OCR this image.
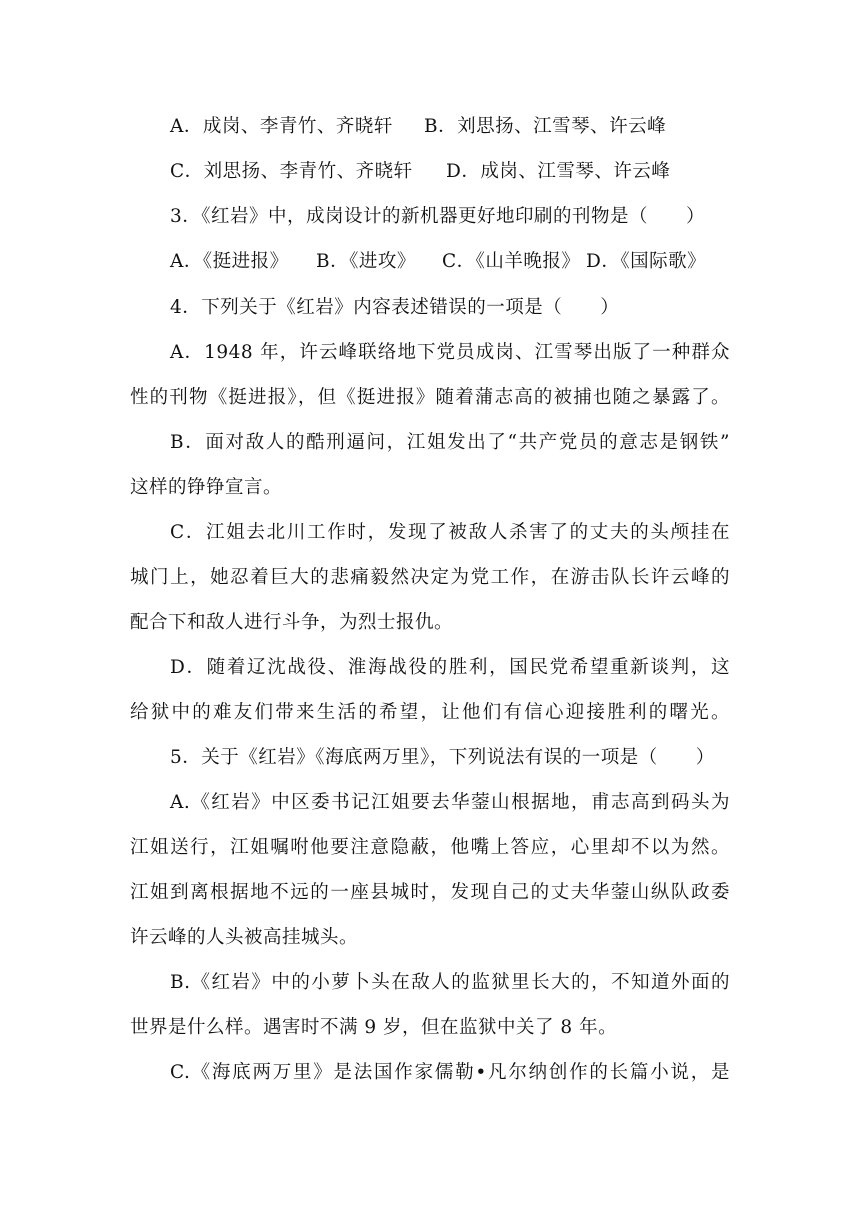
A．成岗、李青竹、齐晓轩	B．刘思扬、江雪琴、许云峰
C．刘思扬、李青竹、齐晓轩	D．成岗、江雪琴、许云峰
3．《红岩》中，成岗设计的新机器更好地印刷的刊物是（　　）
A．《挺进报》	B．《进攻》	C．《山羊晚报》 D．《国际歌》
4．下列关于《红岩》内容表述错误的一项是（　　）
A．1948 年，许云峰联络地下党员成岗、江雪琴出版了一种群众
性的刊物《挺进报》，但《挺进报》随着蒲志高的被捕也随之暴露了。
B．面对敌人的酷刑逼问，江姐发出了“共产党员的意志是钢铁”
这样的铮铮宣言。
C．江姐去北川工作时，发现了被敌人杀害了的丈夫的头颅挂在
城门上，她忍着巨大的悲痛毅然决定为党工作，在游击队长许云峰的
配合下和敌人进行斗争，为烈士报仇。
D．随着辽沈战役、淮海战役的胜利，国民党希望重新谈判，这
给狱中的难友们带来生活的希望，让他们有信心迎接胜利的曙光。
5．关于《红岩》《海底两万里》，下列说法有误的一项是（　　）
A.《红岩》中区委书记江姐要去华蓥山根据地，甫志高到码头为
江姐送行，江姐嘱咐他要注意隐蔽，他嘴上答应，心里却不以为然。
江姐到离根据地不远的一座县城时，发现自己的丈夫华蓥山纵队政委
许云峰的人头被高挂城头。
B.《红岩》中的小萝卜头在敌人的监狱里长大的，不知道外面的
世界是什么样。遇害时不满 9 岁，但在监狱中关了 8 年。
C.《海底两万里》是法国作家儒勒•凡尔纳创作的长篇小说，是
